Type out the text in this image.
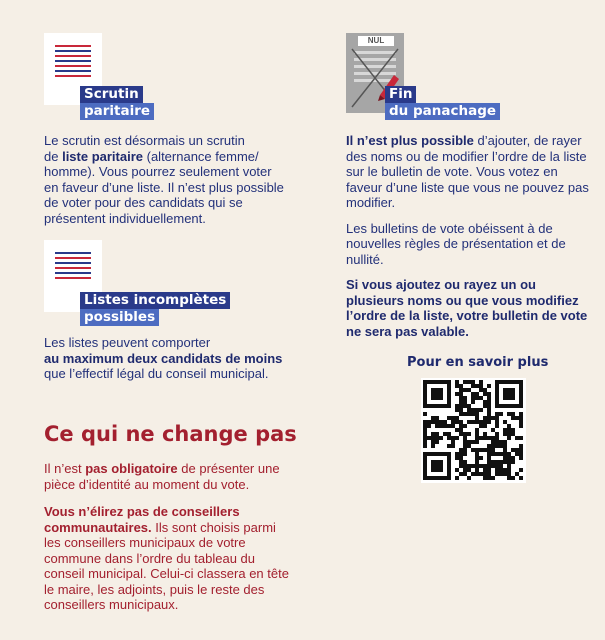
Scrutin
paritaire

Le scrutin est désormais un scrutin
de liste paritaire (alternance femme/ homme). Vous pourrez seulement voter en faveur d’une liste. Il n’est plus possible de voter pour des candidats qui se présentent individuellement.

Listes incomplètes
possibles

Les listes peuvent comporter
au maximum deux candidats de moins
que l’effectif légal du conseil municipal.

Ce qui ne change pas

Il n’est pas obligatoire de présenter une pièce d’identité au moment du vote.

Vous n’élirez pas de conseillers communautaires. Ils sont choisis parmi les conseillers municipaux de votre commune dans l’ordre du tableau du conseil municipal. Celui-ci classera en tête le maire, les adjoints, puis le reste des conseillers municipaux.

NUL
Fin
du panachage

Il n’est plus possible d’ajouter, de rayer des noms ou de modifier l’ordre de la liste sur le bulletin de vote. Vous votez en faveur d’une liste que vous ne pouvez pas modifier.

Les bulletins de vote obéissent à de nouvelles règles de présentation et de nullité.

Si vous ajoutez ou rayez un ou plusieurs noms ou que vous modifiez l’ordre de la liste, votre bulletin de vote ne sera pas valable.

Pour en savoir plus
